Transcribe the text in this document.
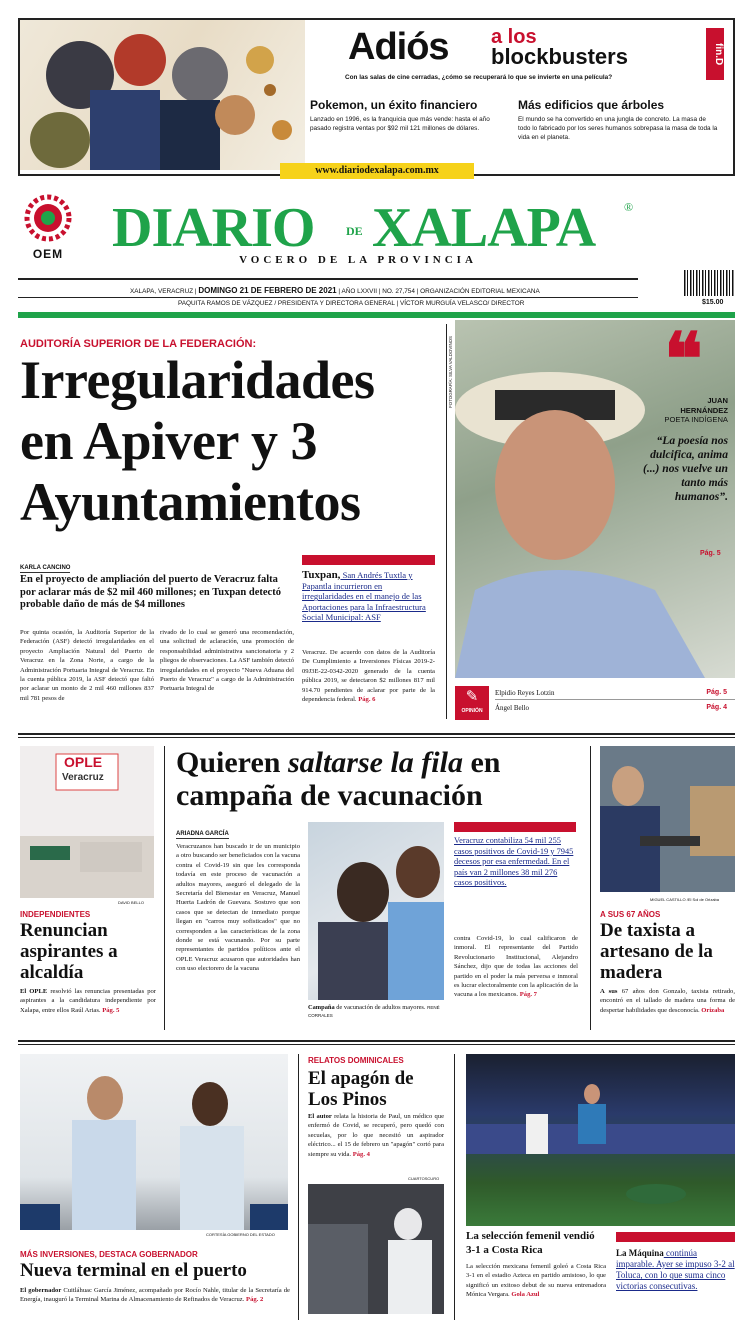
Adiós a los
blockbusters
Con las salas de cine cerradas, ¿cómo se recuperará lo que se invierte en una película?
fin.D
Pokemon, un éxito financiero
Lanzado en 1996, es la franquicia que más vende: hasta el año pasado registra ventas por $92 mil 121 millones de dólares.
Más edificios que árboles
El mundo se ha convertido en una jungla de concreto. La masa de todo lo fabricado por los seres humanos sobrepasa la masa de toda la vida en el planeta.
www.diariodexalapa.com.mx
OEM DIARIO	DE XALAPA ®
VOCERO DE LA PROVINCIA
XALAPA, VERACRUZ | DOMINGO 21 DE FEBRERO DE 2021 | AÑO LXXVII | NO. 27,754 | ORGANIZACIÓN EDITORIAL MEXICANA
PAQUITA RAMOS DE VÁZQUEZ / PRESIDENTA Y DIRECTORA GENERAL | VÍCTOR MURGUÍA VELASCO/ DIRECTOR	$15.00
AUDITORÍA SUPERIOR DE LA FEDERACIÓN:
Irregularidades en Apiver y 3 Ayuntamientos
KARLA CANCINO
En el proyecto de ampliación del puerto de Veracruz falta por aclarar más de $2 mil 460 millones; en Tuxpan detectó probable daño de más de $4 millones

Por quinta ocasión, la Auditoría Superior de la Federación (ASF) detectó irregularidades en el proyecto Ampliación Natural del Puerto de Veracruz en la Zona Norte, a cargo de la Administración Portuaria Integral de Veracruz. En la cuenta pública 2019, la ASF detectó que faltó por aclarar un monto de 2 mil 460 millones 837 mil 781 pesos de

rivado de lo cual se generó una recomendación, una solicitud de aclaración, una promoción de responsabilidad administrativa sancionatoria y 2 pliegos de observaciones. La ASF también detectó irregularidades en el proyecto "Nueva Aduana del Puerto de Veracruz" a cargo de la Administración Portuaria Integral de

Tuxpan, San Andrés Tuxtla y Papantla incurrieron en irregularidades en el manejo de las Aportaciones para la Infraestructura Social Municipal: ASF

Veracruz. De acuerdo con datos de la Auditoría De Cumplimiento a Inversiones Físicas 2019-2-09J3E-22-0342-2020 generado de la cuenta pública 2019, se detectaron $2 millones 817 mil 914.70 pendientes de aclarar por parte de la dependencia federal. Pág. 6

❝
JUAN
HERNÁNDEZ
POETA INDÍGENA
“La poesía nos dulcifica, anima (...) nos vuelve un tanto más humanos”.
Pág. 5
FOTOGRAFÍA: SILVA VALDOVINOS
✎
OPINIÓN
Elpidio Reyes Lotzin	Pág. 5
Ángel Bello	Pág. 4
OPLE
Veracruz
DAVID BELLO
INDEPENDIENTES
Renuncian aspirantes a alcaldía

El OPLE resolvió las renuncias presentadas por aspirantes a la candidatura independiente por Xalapa, entre ellos Raúl Arias. Pág. 5

Quieren saltarse la fila en campaña de vacunación
ARIADNA GARCÍA

Veracruzanos han buscado ir de un municipio a otro buscando ser beneficiados con la vacuna contra el Covid-19 sin que les corresponda todavía en este proceso de vacunación a adultos mayores, aseguró el delegado de la Secretaría del Bienestar en Veracruz, Manuel Huerta Ladrón de Guevara. Sostuvo que son casos que se detectan de inmediato porque llegan en "carros muy sofisticados" que no corresponden a las características de la zona donde se está vacunando. Por su parte representantes de partidos políticos ante el OPLE Veracruz acusaron que autoridades han con uso electorero de la vacuna

Campaña de vacunación de adultos mayores. RENÉ CORRALES
Veracruz contabiliza 54 mil 255 casos positivos de Covid-19 y 7945 decesos por esa enfermedad. En el país van 2 millones 38 mil 276 casos positivos.

contra Covid-19, lo cual calificaron de inmoral. El representante del Partido Revolucionario Institucional, Alejandro Sánchez, dijo que de todas las acciones del partido en el poder la más perversa e inmoral es lucrar electoralmente con la aplicación de la vacuna a los mexicanos. Pág. 7

MIGUEL CASTILLO /El Sol de Orizaba
A SUS 67 AÑOS
De taxista a artesano de la madera

A sus 67 años don Gonzalo, taxista retirado, encontró en el tallado de madera una forma de despertar habilidades que desconocía. Orizaba

CORTESÍA GOBIERNO DEL ESTADO
MÁS INVERSIONES, DESTACA GOBERNADOR
Nueva terminal en el puerto

El gobernador Cuitláhuac García Jiménez, acompañado por Rocío Nahle, titular de la Secretaría de Energía, inauguró la Terminal Marina de Almacenamiento de Refinados de Veracruz. Pág. 2

RELATOS DOMINICALES
El apagón de Los Pinos

El autor relata la historia de Paul, un médico que enfermó de Covid, se recuperó, pero quedó con secuelas, por lo que necesitó un aspirador eléctrico... el 15 de febrero un "apagón" cortó para siempre su vida. Pág. 4

CUARTOSCURO
La selección femenil vendió 3-1 a Costa Rica

La selección mexicana femenil goleó a Costa Rica 3-1 en el estadio Azteca en partido amistoso, lo que significó un exitoso debut de su nueva entrenadora Mónica Vergara. Gola Azul

La Máquina continúa imparable. Ayer se impuso 3-2 al Toluca, con lo que suma cinco victorias consecutivas.
